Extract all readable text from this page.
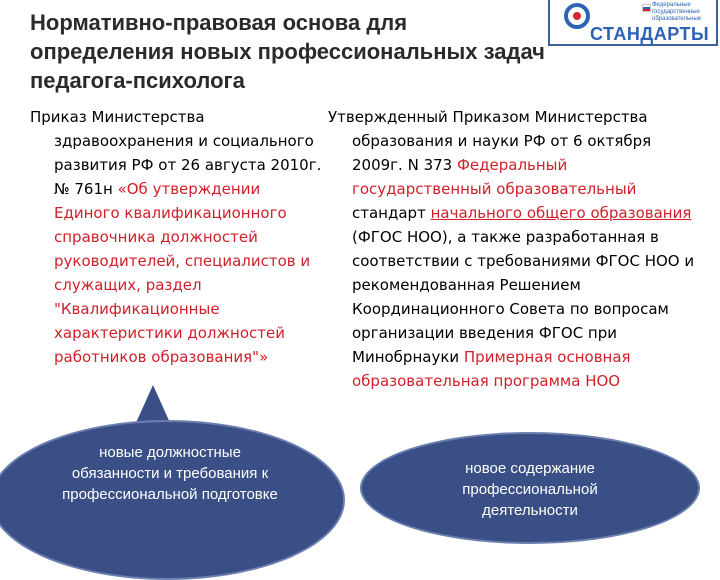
Нормативно-правовая основа для определения новых профессиональных задач педагога-психолога
Федеральные
государственные
образовательные
СТАНДАРТЫ

Приказ Министерства здравоохранения и социального развития РФ от 26 августа 2010г. № 761н «Об утверждении Единого квалификационного справочника должностей руководителей, специалистов и служащих, раздел "Квалификационные характеристики должностей работников образования"»

Утвержденный Приказом Министерства образования и науки РФ от 6 октября 2009г. N 373 Федеральный государственный образовательный стандарт начального общего образования (ФГОС НОО), а также разработанная в соответствии с требованиями ФГОС НОО и рекомендованная Решением Координационного Совета по вопросам организации введения ФГОС при Минобрнауки Примерная основная образовательная программа НОО

новые должностные обязанности и требования к профессиональной подготовке
новое содержание профессиональной деятельности
